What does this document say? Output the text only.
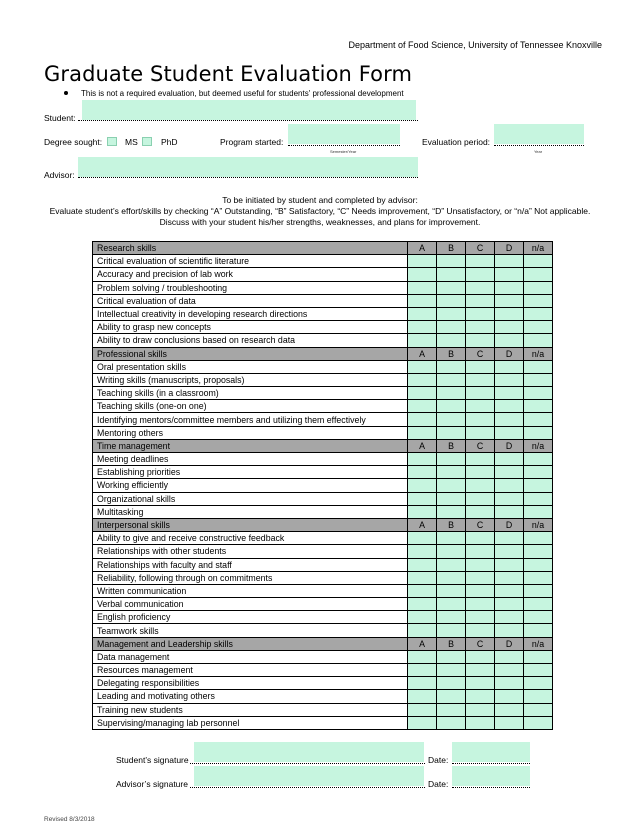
Department of Food Science, University of Tennessee Knoxville
Graduate Student Evaluation Form
This is not a required evaluation, but deemed useful for students' professional development
Student:
Degree sought:	MS	PhD	Program started:
Semester/Year
Evaluation period:
Year
Advisor:
To be initiated by student and completed by advisor:
Evaluate student’s effort/skills by checking “A” Outstanding, “B” Satisfactory, “C” Needs improvement, “D” Unsatisfactory, or “n/a” Not applicable.
Discuss with your student his/her strengths, weaknesses, and plans for improvement.
Research skills	A	B	C	D	n/a
Critical evaluation of scientific literature					
Accuracy and precision of lab work					
Problem solving / troubleshooting					
Critical evaluation of data					
Intellectual creativity in developing research directions					
Ability to grasp new concepts					
Ability to draw conclusions based on research data					
Professional skills	A	B	C	D	n/a
Oral presentation skills					
Writing skills (manuscripts, proposals)					
Teaching skills (in a classroom)					
Teaching skills (one-on one)					
Identifying mentors/committee members and utilizing them effectively					
Mentoring others					
Time management	A	B	C	D	n/a
Meeting deadlines					
Establishing priorities					
Working efficiently					
Organizational skills					
Multitasking					
Interpersonal skills	A	B	C	D	n/a
Ability to give and receive constructive feedback					
Relationships with other students					
Relationships with faculty and staff					
Reliability, following through on commitments					
Written communication					
Verbal communication					
English proficiency					
Teamwork skills					
Management and Leadership skills	A	B	C	D	n/a
Data management					
Resources management					
Delegating responsibilities					
Leading and motivating others					
Training new students					
Supervising/managing lab personnel					
Student’s signature	Date:
Advisor’s signature	Date:
Revised 8/3/2018
